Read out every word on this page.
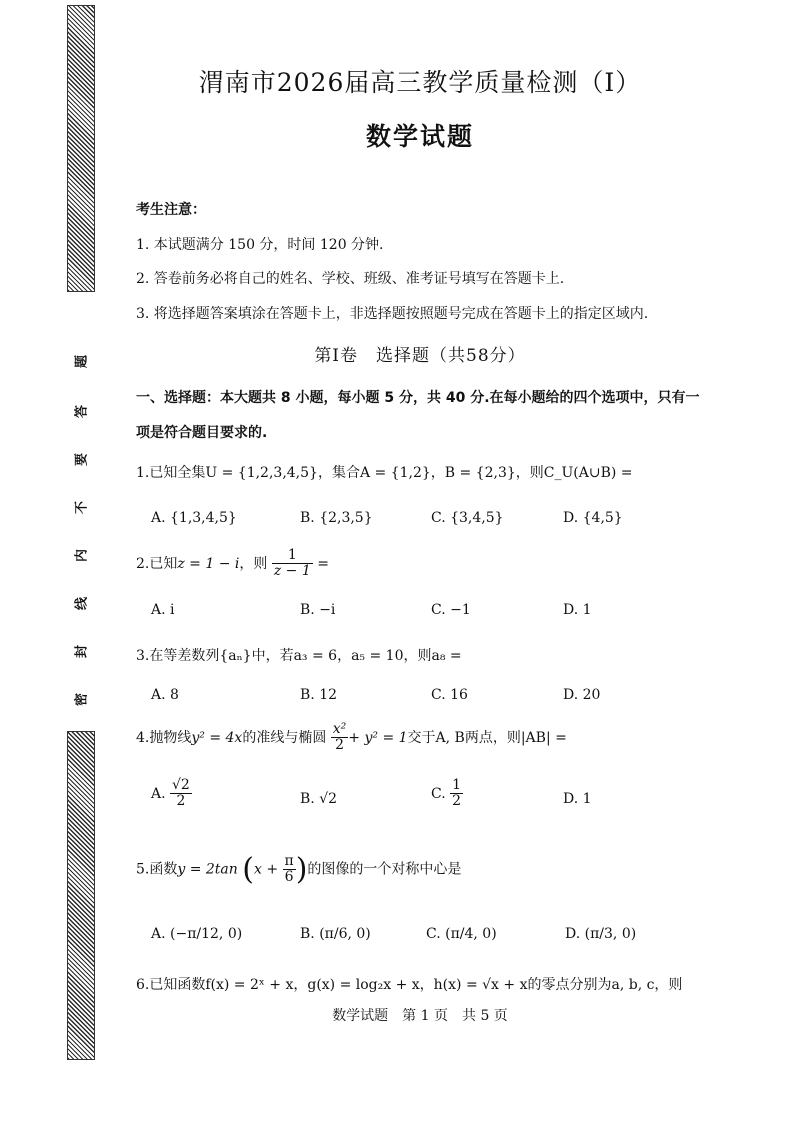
题
答
要
不
内
线
封
密
渭南市2026届高三教学质量检测（Ⅰ）
数学试题
考生注意：
1. 本试题满分 150 分，时间 120 分钟.
2. 答卷前务必将自己的姓名、学校、班级、准考证号填写在答题卡上.
3. 将选择题答案填涂在答题卡上，非选择题按照题号完成在答题卡上的指定区域内.
第Ⅰ卷　选择题（共58分）
一、选择题：本大题共 8 小题，每小题 5 分，共 40 分.在每小题给的四个选项中，只有一
项是符合题目要求的.
1.已知全集U = {1,2,3,4,5}，集合A = {1,2}，B = {2,3}，则C_U(A∪B) =
A. {1,3,4,5}	B. {2,3,5}	C. {3,4,5}	D. {4,5}
2.已知z = 1 − i，则 $\frac{1}{z - 1}$ =
A. i	B. −i	C. −1	D. 1
3.在等差数列{aₙ}中，若a₃ = 6，a₅ = 10，则a₈ =
A. 8	B. 12	C. 16	D. 20
4.抛物线y² = 4x的准线与椭圆 $\frac{\text{x²}}{2} + y^2 = 1$交于A, B两点，则|AB| =
A. $\frac{√2}{2}$	B. √2	C. $\frac{1}{2}$	D. 1
5.函数y = 2tan ($x + \frac{\pi}{6}$ )的图像的一个对称中心是
A. (−π/12, 0)	B. (π/6, 0)	C. (π/4, 0)	D. (π/3, 0)
6.已知函数f(x) = 2ˣ + x，g(x) = log₂x + x，h(x) = √x + x的零点分别为a, b, c，则
数学试题　第 1 页　共 5 页
